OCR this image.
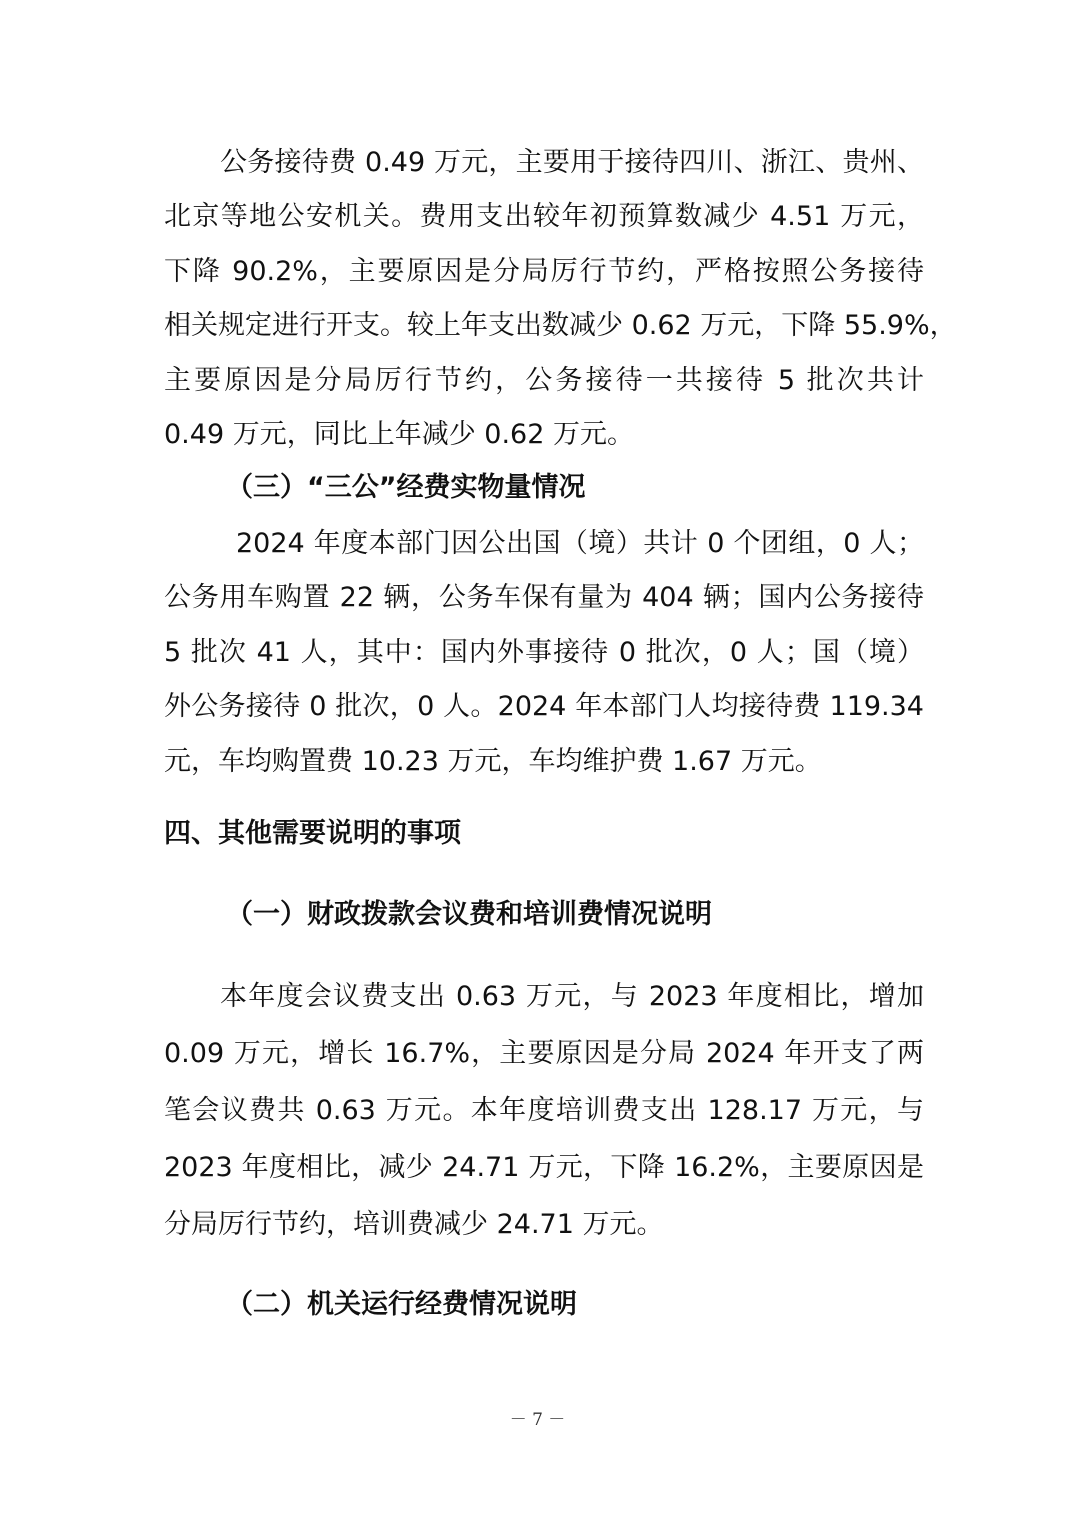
公务接待费 0.49 万元，主要用于接待四川、浙江、贵州、
北京等地公安机关。费用支出较年初预算数减少 4.51 万元，
下降 90.2%，主要原因是分局厉行节约，严格按照公务接待
相关规定进行开支。较上年支出数减少 0.62 万元，下降 55.9%，
主要原因是分局厉行节约，公务接待一共接待 5 批次共计
0.49 万元，同比上年减少 0.62 万元。
（三）“三公”经费实物量情况
2024 年度本部门因公出国（境）共计 0 个团组，0 人；
公务用车购置 22 辆，公务车保有量为 404 辆；国内公务接待
5 批次 41 人，其中：国内外事接待 0 批次，0 人；国（境）
外公务接待 0 批次，0 人。2024 年本部门人均接待费 119.34
元，车均购置费 10.23 万元，车均维护费 1.67 万元。
四、其他需要说明的事项
（一）财政拨款会议费和培训费情况说明
本年度会议费支出 0.63 万元，与 2023 年度相比，增加
0.09 万元，增长 16.7%，主要原因是分局 2024 年开支了两
笔会议费共 0.63 万元。本年度培训费支出 128.17 万元，与
2023 年度相比，减少 24.71 万元，下降 16.2%，主要原因是
分局厉行节约，培训费减少 24.71 万元。
（二）机关运行经费情况说明
－ 7 －
